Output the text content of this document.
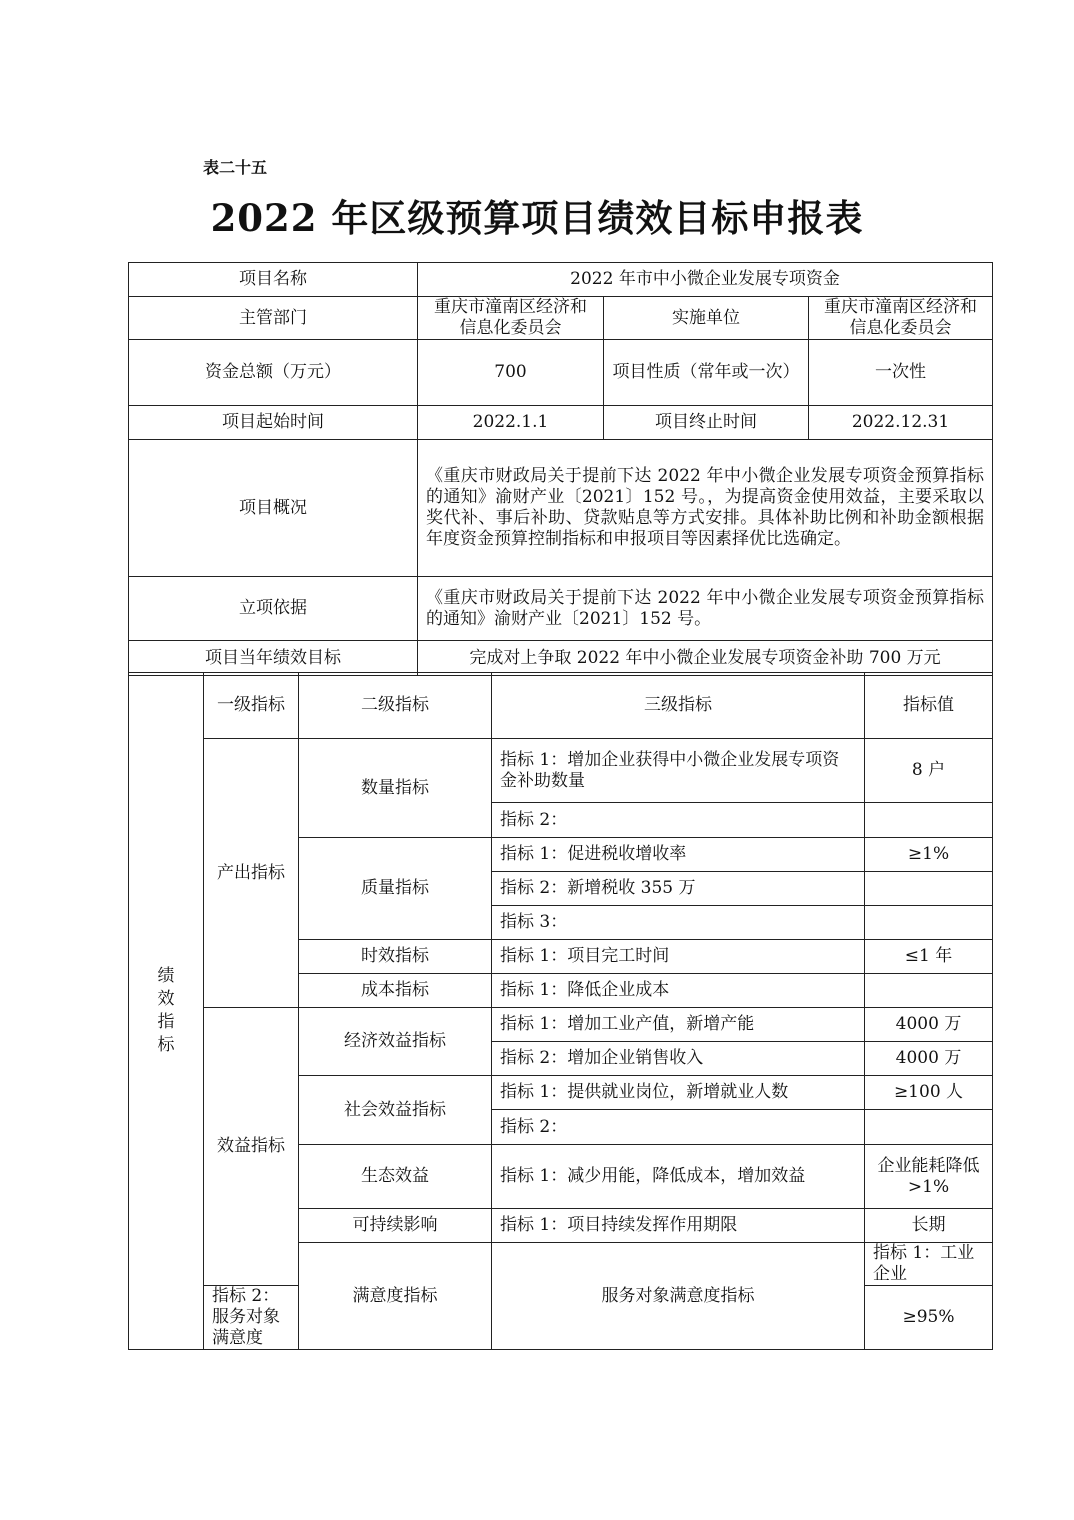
表二十五
2022 年区级预算项目绩效目标申报表
项目名称	2022 年市中小微企业发展专项资金		
主管部门	重庆市潼南区经济和信息化委员会	实施单位	重庆市潼南区经济和信息化委员会
资金总额（万元）	700	项目性质（常年或一次）	一次性
项目起始时间	2022.1.1	项目终止时间	2022.12.31
项目概况	《重庆市财政局关于提前下达 2022 年中小微企业发展专项资金预算指标的通知》渝财产业〔2021〕152 号。，为提高资金使用效益，主要采取以奖代补、事后补助、贷款贴息等方式安排。具体补助比例和补助金额根据年度资金预算控制指标和申报项目等因素择优比选确定。		
立项依据	《重庆市财政局关于提前下达 2022 年中小微企业发展专项资金预算指标的通知》渝财产业〔2021〕152 号。		
项目当年绩效目标	完成对上争取 2022 年中小微企业发展专项资金补助 700 万元		
绩效指标	一级指标	二级指标	三级指标	指标值	
	产出指标	数量指标	指标 1：增加企业获得中小微企业发展专项资金补助数量	8 户	
			指标 2：		
		质量指标	指标 1：促进税收增收率	≥1%	
			指标 2：新增税收 355 万		
			指标 3：		
		时效指标	指标 1：项目完工时间	≤1 年	
		成本指标	指标 1：降低企业成本		
	效益指标	经济效益指标	指标 1：增加工业产值，新增产能	4000 万	
			指标 2：增加企业销售收入	4000 万	
		社会效益指标	指标 1：提供就业岗位，新增就业人数	≥100 人	
			指标 2：		
		生态效益	指标 1：减少用能，降低成本，增加效益	企业能耗降低>1%	
		可持续影响	指标 1：项目持续发挥作用期限	长期	
		满意度指标	服务对象满意度指标	指标 1：工业企业	
	指标 2：服务对象满意度			≥95%	
